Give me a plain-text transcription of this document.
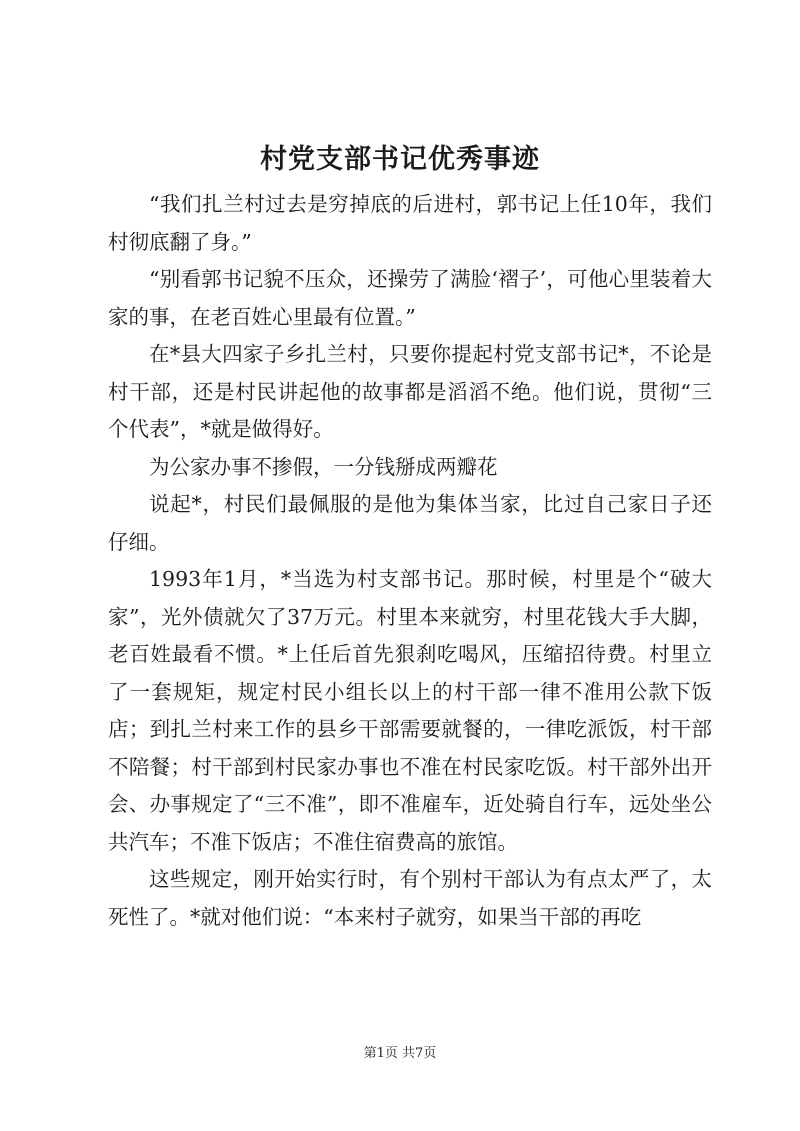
村党支部书记优秀事迹

“我们扎兰村过去是穷掉底的后进村，郭书记上任10年，我们村彻底翻了身。”

“别看郭书记貌不压众，还操劳了满脸‘褶子’，可他心里装着大家的事，在老百姓心里最有位置。”

在*县大四家子乡扎兰村，只要你提起村党支部书记*，不论是村干部，还是村民讲起他的故事都是滔滔不绝。他们说，贯彻“三个代表”，*就是做得好。

为公家办事不掺假，一分钱掰成两瓣花

说起*，村民们最佩服的是他为集体当家，比过自己家日子还仔细。

1993年1月，*当选为村支部书记。那时候，村里是个“破大家”，光外债就欠了37万元。村里本来就穷，村里花钱大手大脚，老百姓最看不惯。*上任后首先狠刹吃喝风，压缩招待费。村里立了一套规矩，规定村民小组长以上的村干部一律不准用公款下饭店；到扎兰村来工作的县乡干部需要就餐的，一律吃派饭，村干部不陪餐；村干部到村民家办事也不准在村民家吃饭。村干部外出开会、办事规定了“三不准”，即不准雇车，近处骑自行车，远处坐公共汽车；不准下饭店；不准住宿费高的旅馆。

这些规定，刚开始实行时，有个别村干部认为有点太严了，太死性了。*就对他们说：“本来村子就穷，如果当干部的再吃

第1页 共7页
